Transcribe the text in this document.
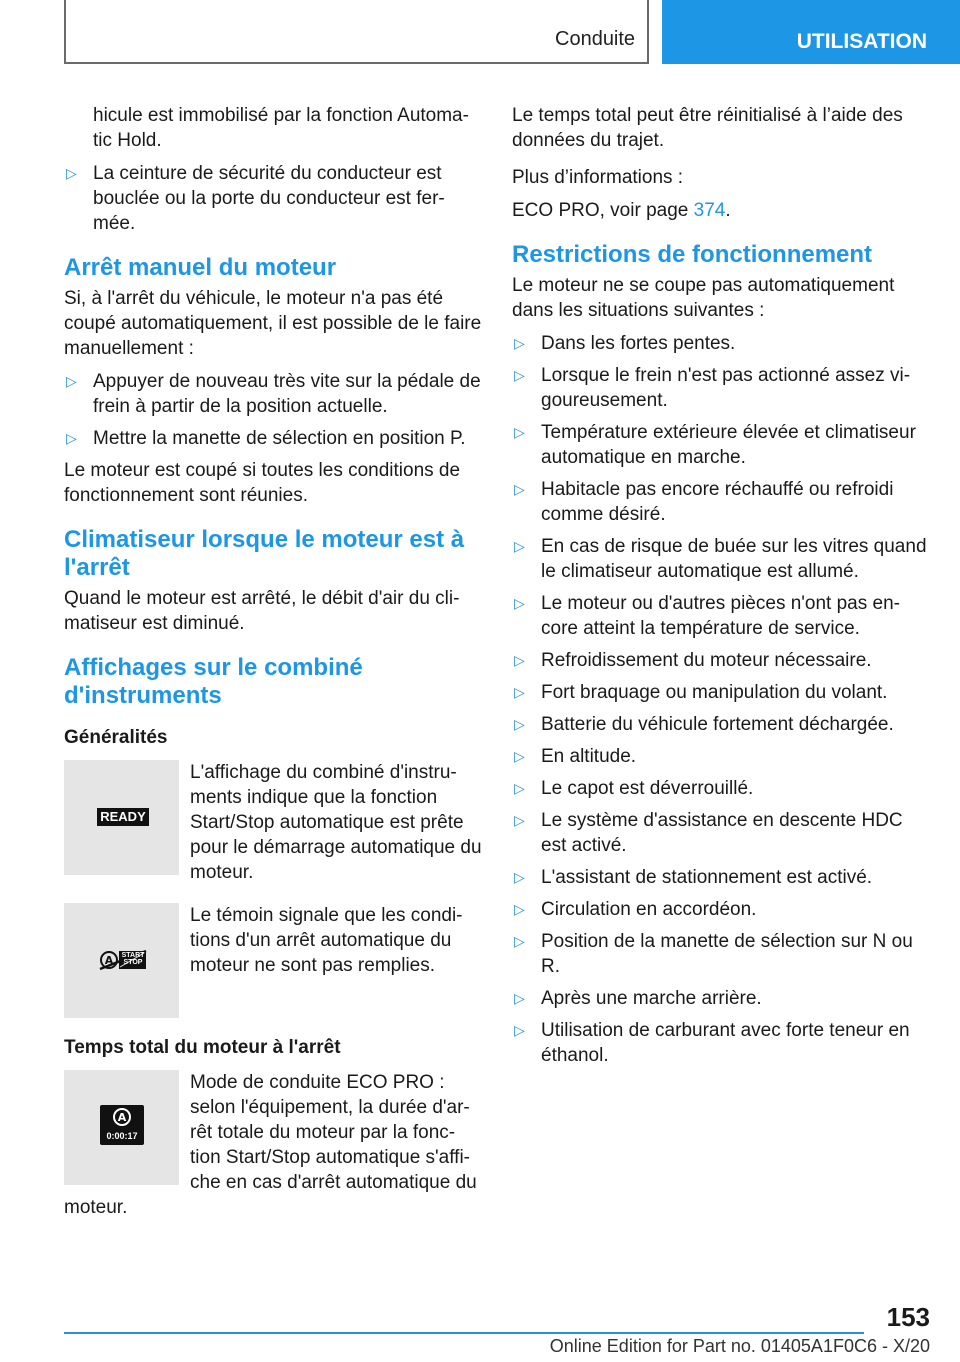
Conduite	UTILISATION

hicule est immobilisé par la fonction Automa‐tic Hold.

▷ La ceinture de sécurité du conducteur est bouclée ou la porte du conducteur est fer‐mée.
Arrêt manuel du moteur

Si, à l'arrêt du véhicule, le moteur n'a pas été coupé automatiquement, il est possible de le faire manuellement :

▷ Appuyer de nouveau très vite sur la pédale de frein à partir de la position actuelle.
▷ Mettre la manette de sélection en position P.

Le moteur est coupé si toutes les conditions de fonctionnement sont réunies.

Climatiseur lorsque le moteur est à l'arrêt

Quand le moteur est arrêté, le débit d'air du cli‐matiseur est diminué.

Affichages sur le combiné d'instruments
Généralités
READY
L'affichage du combiné d'instru‐ments indique que la fonction Start/Stop automatique est prête pour le démarrage automatique du moteur.
A START STOP
Le témoin signale que les condi‐tions d'un arrêt automatique du moteur ne sont pas remplies.
Temps total du moteur à l'arrêt
A
0:00:17
Mode de conduite ECO PRO : selon l'équipement, la durée d'ar‐rêt totale du moteur par la fonc‐tion Start/Stop automatique s'affi‐che en cas d'arrêt automatique du

moteur.

Le temps total peut être réinitialisé à l’aide des données du trajet.

Plus d’informations :

ECO PRO, voir page 374.

Restrictions de fonctionnement

Le moteur ne se coupe pas automatiquement dans les situations suivantes :

▷ Dans les fortes pentes.
▷ Lorsque le frein n'est pas actionné assez vi‐goureusement.
▷ Température extérieure élevée et climatiseur automatique en marche.
▷ Habitacle pas encore réchauffé ou refroidi comme désiré.
▷ En cas de risque de buée sur les vitres quand le climatiseur automatique est allumé.
▷ Le moteur ou d'autres pièces n'ont pas en‐core atteint la température de service.
▷ Refroidissement du moteur nécessaire.
▷ Fort braquage ou manipulation du volant.
▷ Batterie du véhicule fortement déchargée.
▷ En altitude.
▷ Le capot est déverrouillé.
▷ Le système d'assistance en descente HDC est activé.
▷ L'assistant de stationnement est activé.
▷ Circulation en accordéon.
▷ Position de la manette de sélection sur N ou R.
▷ Après une marche arrière.
▷ Utilisation de carburant avec forte teneur en éthanol.
153
Online Edition for Part no. 01405A1F0C6 - X/20
